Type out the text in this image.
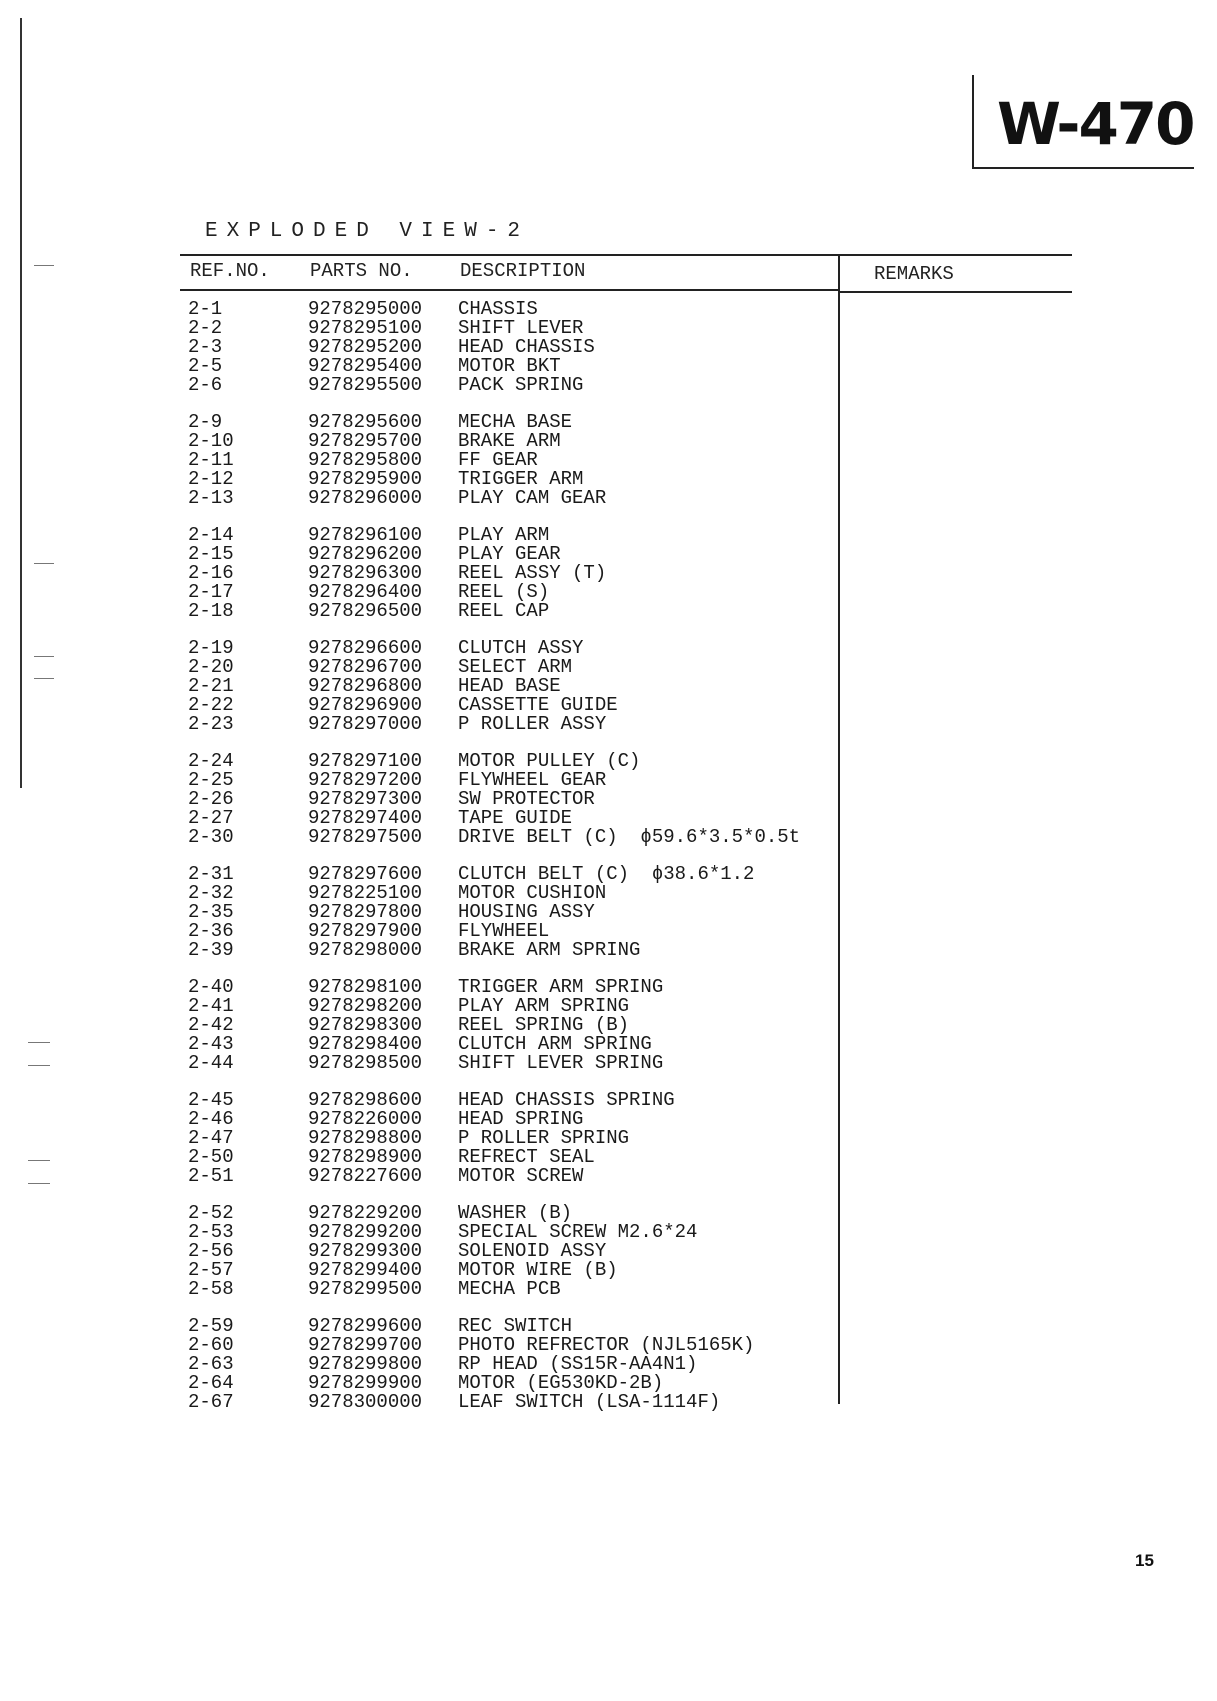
W-470
EXPLODED VIEW-2
REF.NO. PARTS NO. DESCRIPTION	REMARKS
2-1	9278295000 CHASSIS
2-2	9278295100 SHIFT LEVER
2-3	9278295200 HEAD CHASSIS
2-5	9278295400 MOTOR BKT
2-6	9278295500 PACK SPRING
2-9	9278295600 MECHA BASE
2-10	9278295700 BRAKE ARM
2-11	9278295800 FF GEAR
2-12	9278295900 TRIGGER ARM
2-13	9278296000 PLAY CAM GEAR
2-14	9278296100 PLAY ARM
2-15	9278296200 PLAY GEAR
2-16	9278296300 REEL ASSY (T)
2-17	9278296400 REEL (S)
2-18	9278296500 REEL CAP
2-19	9278296600 CLUTCH ASSY
2-20	9278296700 SELECT ARM
2-21	9278296800 HEAD BASE
2-22	9278296900 CASSETTE GUIDE
2-23	9278297000 P ROLLER ASSY
2-24	9278297100 MOTOR PULLEY (C)
2-25	9278297200 FLYWHEEL GEAR
2-26	9278297300 SW PROTECTOR
2-27	9278297400 TAPE GUIDE
2-30	9278297500 DRIVE BELT (C)  ϕ59.6*3.5*0.5t
2-31	9278297600 CLUTCH BELT (C)  ϕ38.6*1.2
2-32	9278225100 MOTOR CUSHION
2-35	9278297800 HOUSING ASSY
2-36	9278297900 FLYWHEEL
2-39	9278298000 BRAKE ARM SPRING
2-40	9278298100 TRIGGER ARM SPRING
2-41	9278298200 PLAY ARM SPRING
2-42	9278298300 REEL SPRING (B)
2-43	9278298400 CLUTCH ARM SPRING
2-44	9278298500 SHIFT LEVER SPRING
2-45	9278298600 HEAD CHASSIS SPRING
2-46	9278226000 HEAD SPRING
2-47	9278298800 P ROLLER SPRING
2-50	9278298900 REFRECT SEAL
2-51	9278227600 MOTOR SCREW
2-52	9278229200 WASHER (B)
2-53	9278299200 SPECIAL SCREW M2.6*24
2-56	9278299300 SOLENOID ASSY
2-57	9278299400 MOTOR WIRE (B)
2-58	9278299500 MECHA PCB
2-59	9278299600 REC SWITCH
2-60	9278299700 PHOTO REFRECTOR (NJL5165K)
2-63	9278299800 RP HEAD (SS15R-AA4N1)
2-64	9278299900 MOTOR (EG530KD-2B)
2-67	9278300000 LEAF SWITCH (LSA-1114F)
15
